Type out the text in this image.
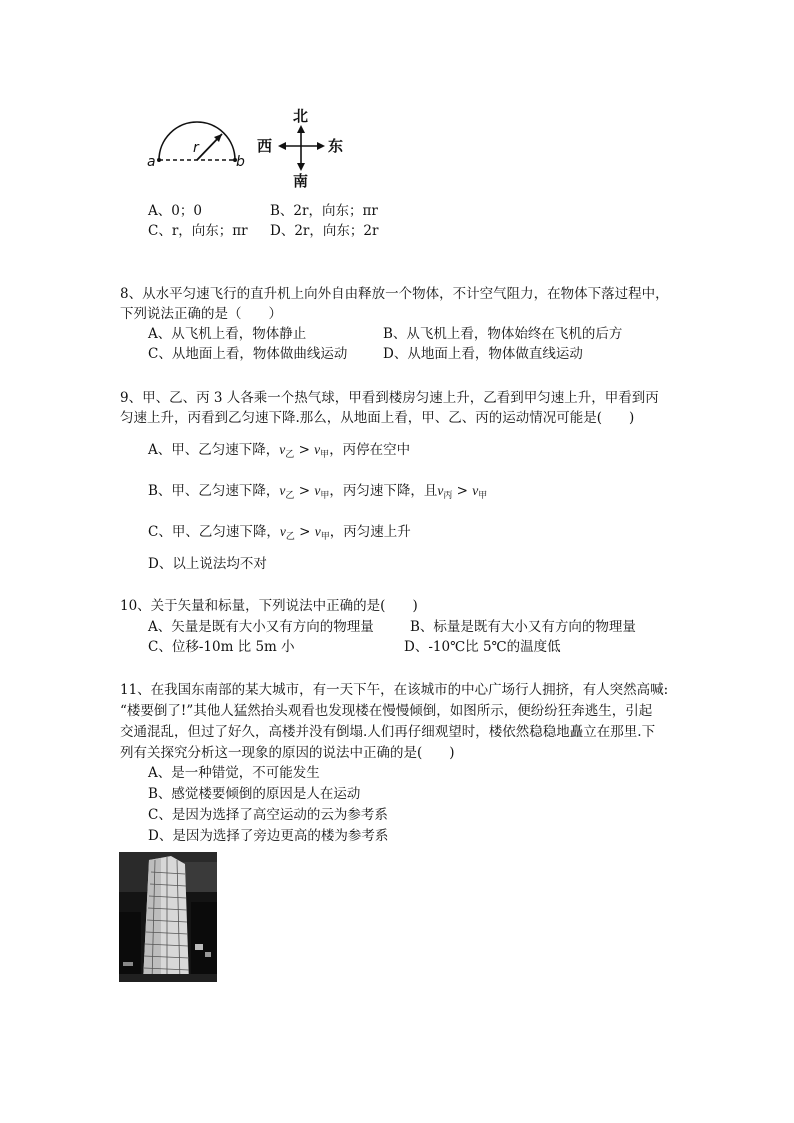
a	b
r
北
南
西	东
A、0；0	B、2r，向东；πr
C、r，向东；πr D、2r，向东；2r
8、从水平匀速飞行的直升机上向外自由释放一个物体，不计空气阻力，在物体下落过程中，
下列说法正确的是（　　）
A、从飞机上看，物体静止	B、从飞机上看，物体始终在飞机的后方
C、从地面上看，物体做曲线运动	D、从地面上看，物体做直线运动
9、甲、乙、丙 3 人各乘一个热气球，甲看到楼房匀速上升，乙看到甲匀速上升，甲看到丙
匀速上升，丙看到乙匀速下降.那么，从地面上看，甲、乙、丙的运动情况可能是(　　)
A、甲、乙匀速下降，$v_乙 > v_甲$，丙停在空中
B、甲、乙匀速下降，$v_乙 > v_甲$，丙匀速下降，且$v_丙 > v_甲$
C、甲、乙匀速下降，$v_乙 > v_甲$，丙匀速上升
D、以上说法均不对
10、关于矢量和标量，下列说法中正确的是(　　)
A、矢量是既有大小又有方向的物理量	B、标量是既有大小又有方向的物理量
C、位移-10m 比 5m 小	D、-10℃比 5℃的温度低
11、在我国东南部的某大城市，有一天下午，在该城市的中心广场行人拥挤，有人突然高喊:
“楼要倒了!”其他人猛然抬头观看也发现楼在慢慢倾倒，如图所示，便纷纷狂奔逃生，引起
交通混乱，但过了好久，高楼并没有倒塌.人们再仔细观望时，楼依然稳稳地矗立在那里.下
列有关探究分析这一现象的原因的说法中正确的是(　　)
A、是一种错觉，不可能发生
B、感觉楼要倾倒的原因是人在运动
C、是因为选择了高空运动的云为参考系
D、是因为选择了旁边更高的楼为参考系
